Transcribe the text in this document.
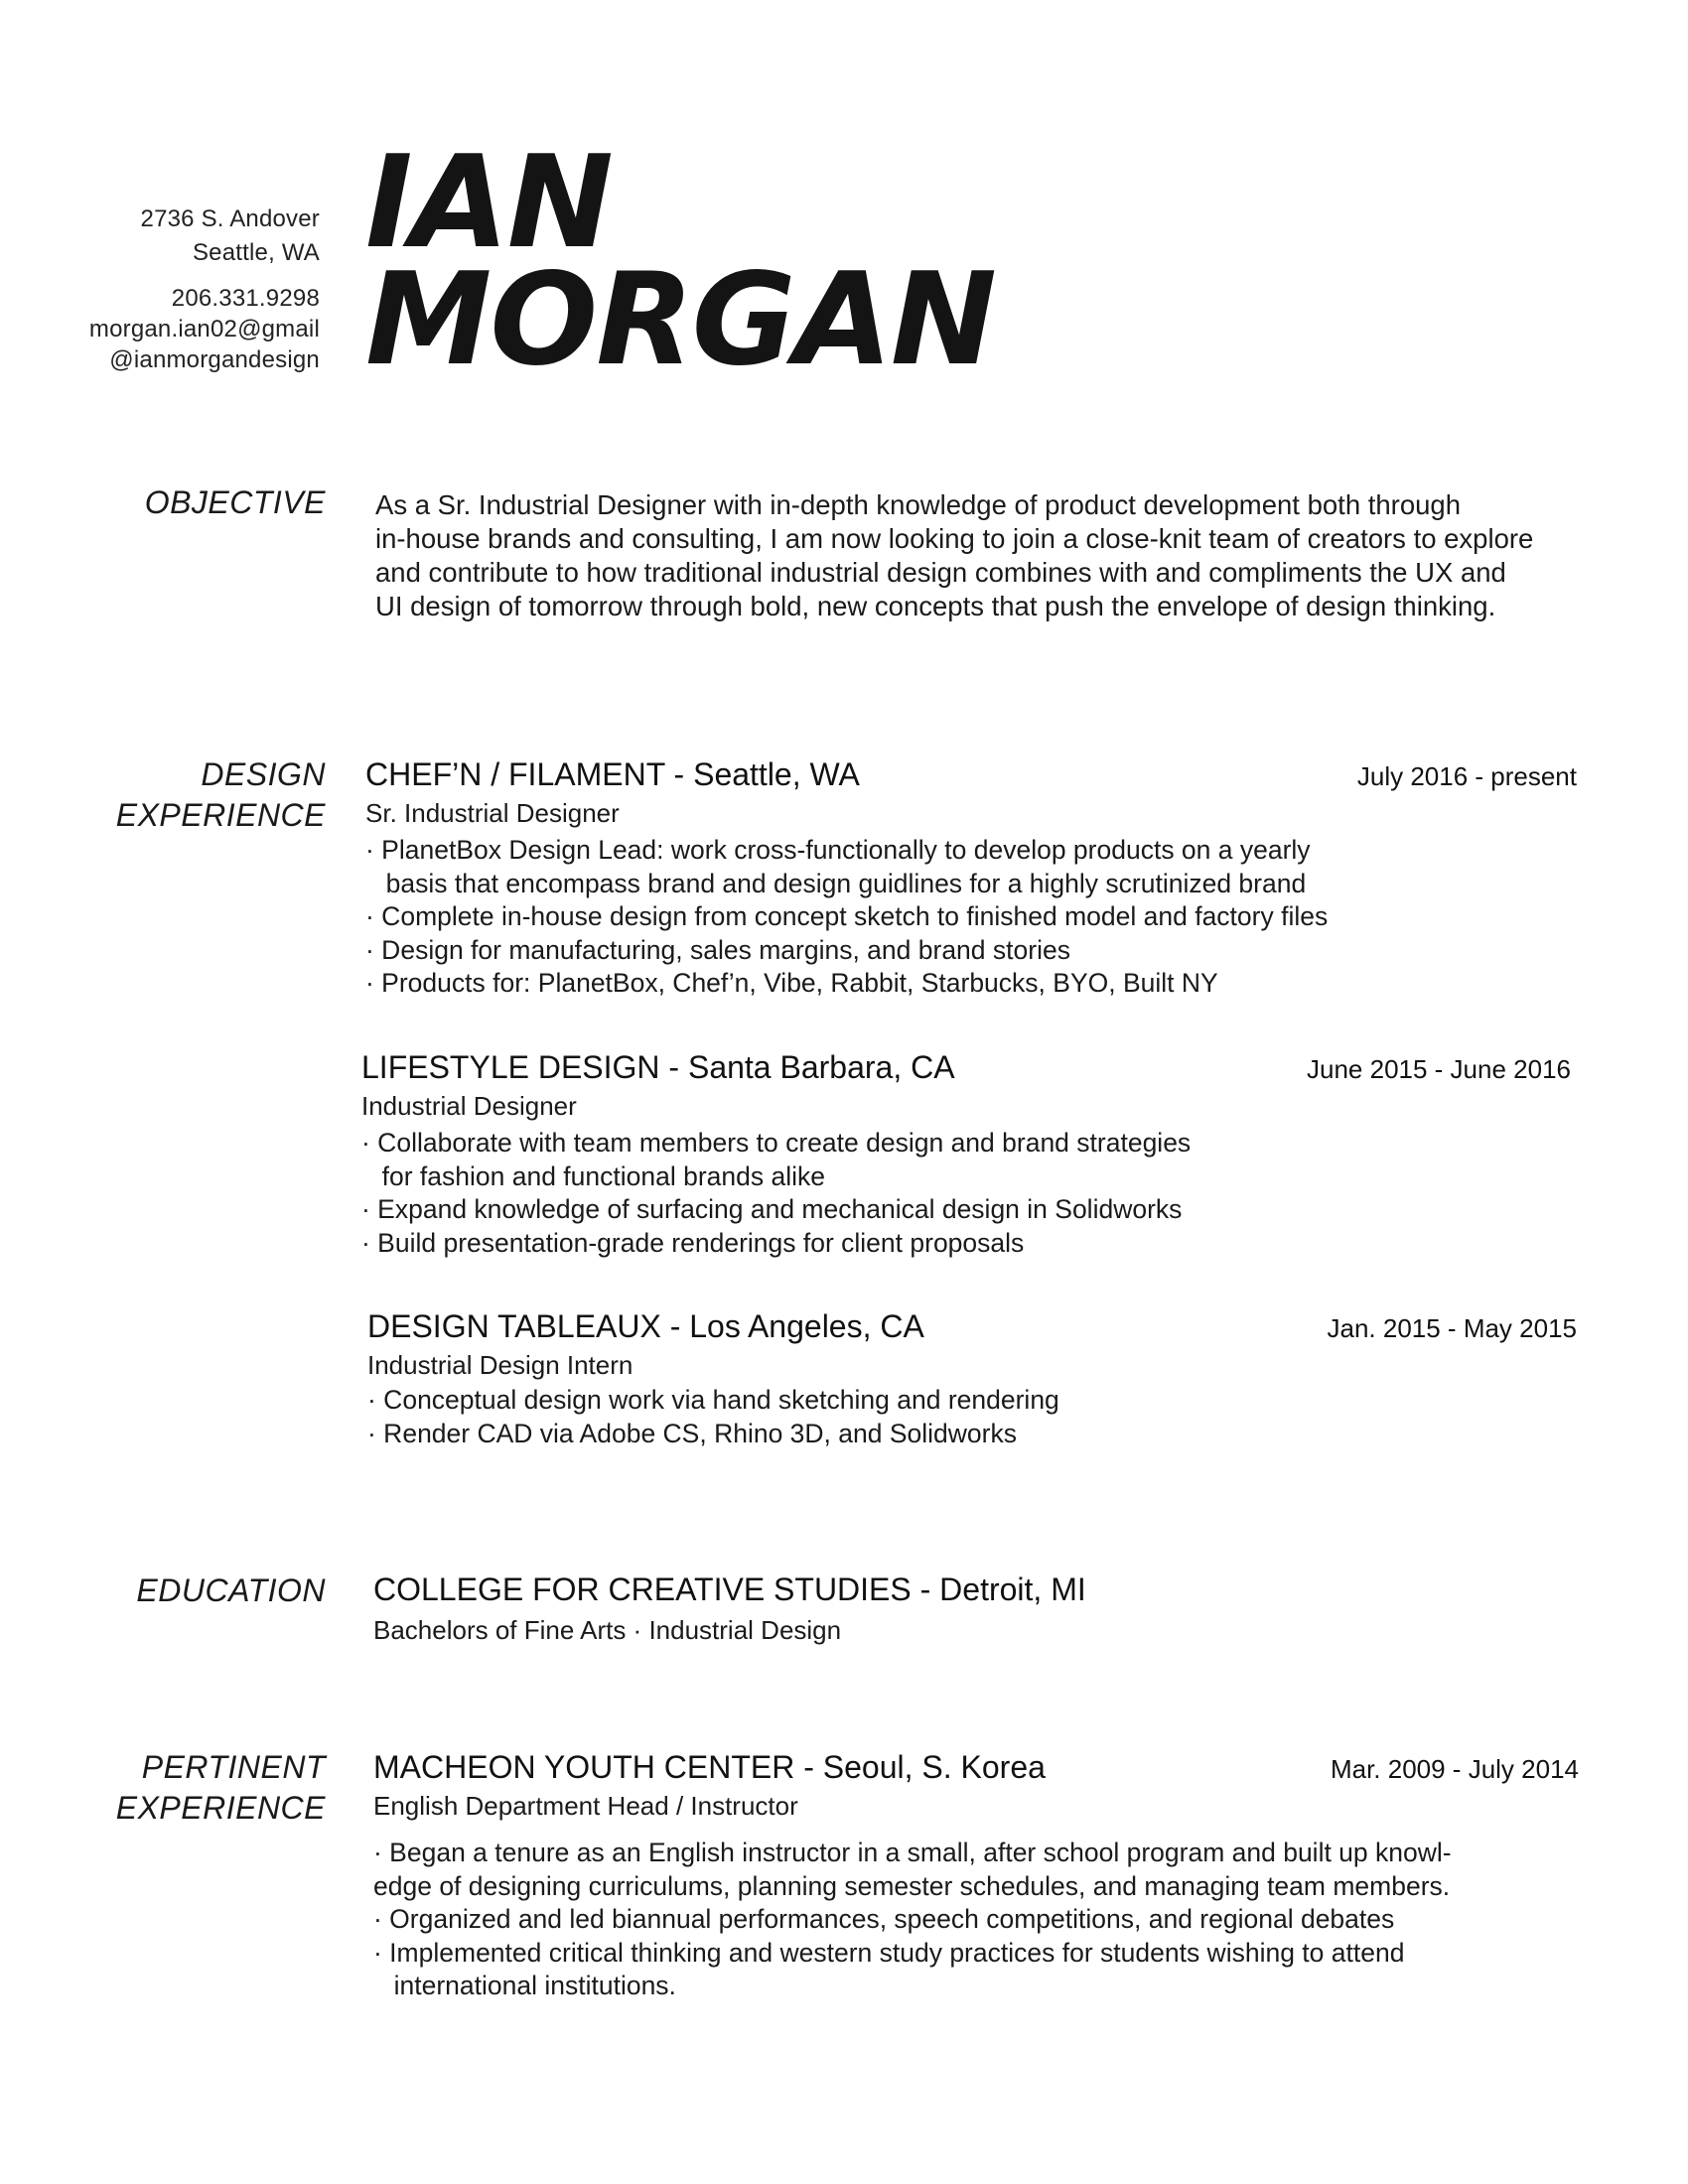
2736 S. Andover
Seattle, WA
206.331.9298
morgan.ian02@gmail
@ianmorgandesign
IAN
MORGAN
OBJECTIVE As a Sr. Industrial Designer with in-depth knowledge of product development both through
in-house brands and consulting, I am now looking to join a close-knit team of creators to explore
and contribute to how traditional industrial design combines with and compliments the UX and
UI design of tomorrow through bold, new concepts that push the envelope of design thinking.
DESIGN
EXPERIENCE
CHEF’N / FILAMENT - Seattle, WA	July 2016 - present
Sr. Industrial Designer
· PlanetBox Design Lead: work cross-functionally to develop products on a yearly
  basis that encompass brand and design guidlines for a highly scrutinized brand
· Complete in-house design from concept sketch to finished model and factory files
· Design for manufacturing, sales margins, and brand stories
· Products for: PlanetBox, Chef’n, Vibe, Rabbit, Starbucks, BYO, Built NY
LIFESTYLE DESIGN - Santa Barbara, CA	June 2015 - June 2016
Industrial Designer
· Collaborate with team members to create design and brand strategies
  for fashion and functional brands alike
· Expand knowledge of surfacing and mechanical design in Solidworks
· Build presentation-grade renderings for client proposals
DESIGN TABLEAUX - Los Angeles, CA	Jan. 2015 - May 2015
Industrial Design Intern
· Conceptual design work via hand sketching and rendering
· Render CAD via Adobe CS, Rhino 3D, and Solidworks
EDUCATION COLLEGE FOR CREATIVE STUDIES - Detroit, MI
Bachelors of Fine Arts · Industrial Design
PERTINENT
EXPERIENCE
MACHEON YOUTH CENTER - Seoul, S. Korea	Mar. 2009 - July 2014
English Department Head / Instructor
· Began a tenure as an English instructor in a small, after school program and built up knowl-
edge of designing curriculums, planning semester schedules, and managing team members.
· Organized and led biannual performances, speech competitions, and regional debates
· Implemented critical thinking and western study practices for students wishing to attend
  international institutions.
